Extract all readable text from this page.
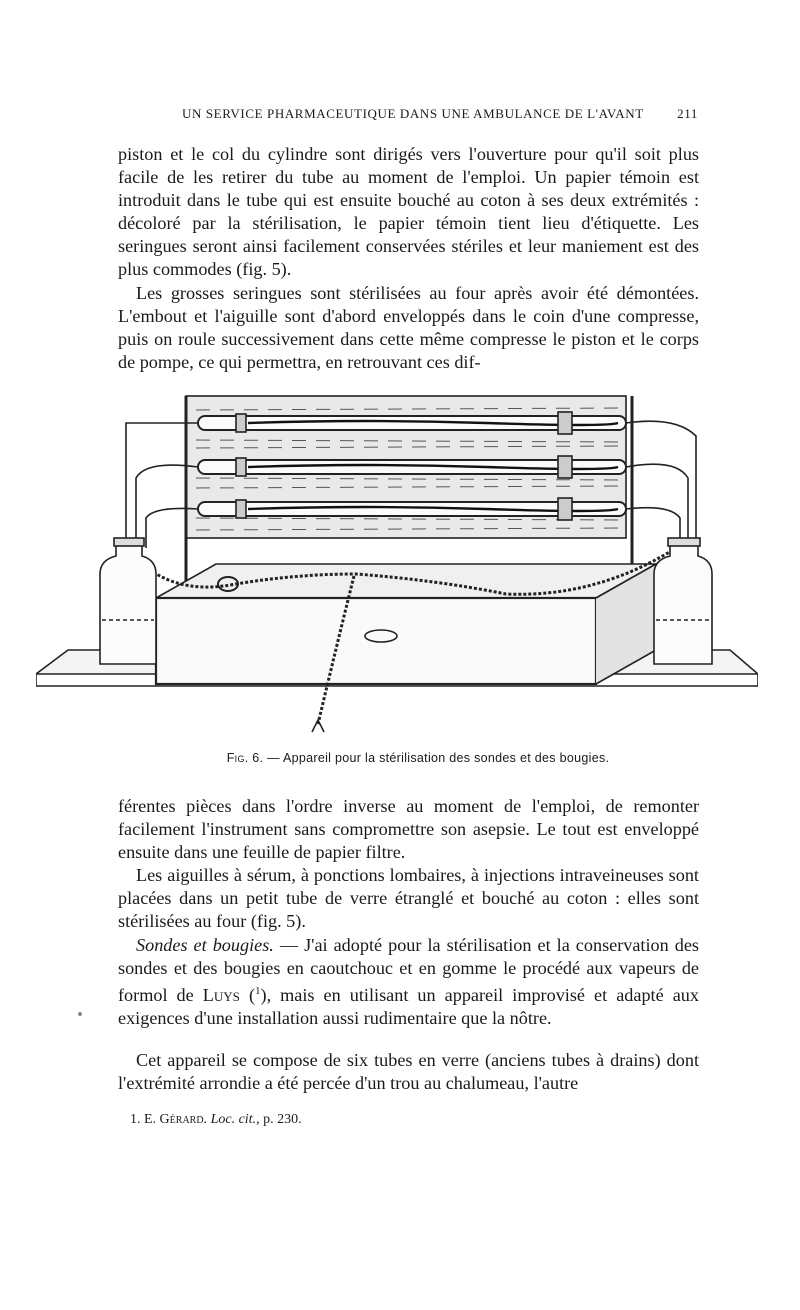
UN SERVICE PHARMACEUTIQUE DANS UNE AMBULANCE DE L'AVANT	211

piston et le col du cylindre sont dirigés vers l'ouverture pour qu'il soit plus facile de les retirer du tube au moment de l'emploi. Un papier témoin est introduit dans le tube qui est ensuite bouché au coton à ses deux extrémités : décoloré par la stérilisation, le papier témoin tient lieu d'étiquette. Les seringues seront ainsi facilement conservées stériles et leur maniement est des plus commodes (fig. 5).

Les grosses seringues sont stérilisées au four après avoir été démontées. L'embout et l'aiguille sont d'abord enveloppés dans le coin d'une compresse, puis on roule successivement dans cette même compresse le piston et le corps de pompe, ce qui permettra, en retrouvant ces dif-

Fig. 6. — Appareil pour la stérilisation des sondes et des bougies.

férentes pièces dans l'ordre inverse au moment de l'emploi, de remonter facilement l'instrument sans compromettre son asepsie. Le tout est enveloppé ensuite dans une feuille de papier filtre.

Les aiguilles à sérum, à ponctions lombaires, à injections intraveineuses sont placées dans un petit tube de verre étranglé et bouché au coton : elles sont stérilisées au four (fig. 5).

Sondes et bougies. — J'ai adopté pour la stérilisation et la conservation des sondes et des bougies en caoutchouc et en gomme le procédé aux vapeurs de formol de Luys ($^1$), mais en utilisant un appareil improvisé et adapté aux exigences d'une installation aussi rudimentaire que la nôtre.

Cet appareil se compose de six tubes en verre (anciens tubes à drains) dont l'extrémité arrondie a été percée d'un trou au chalumeau, l'autre

1. E. Gérard. Loc. cit., p. 230.
